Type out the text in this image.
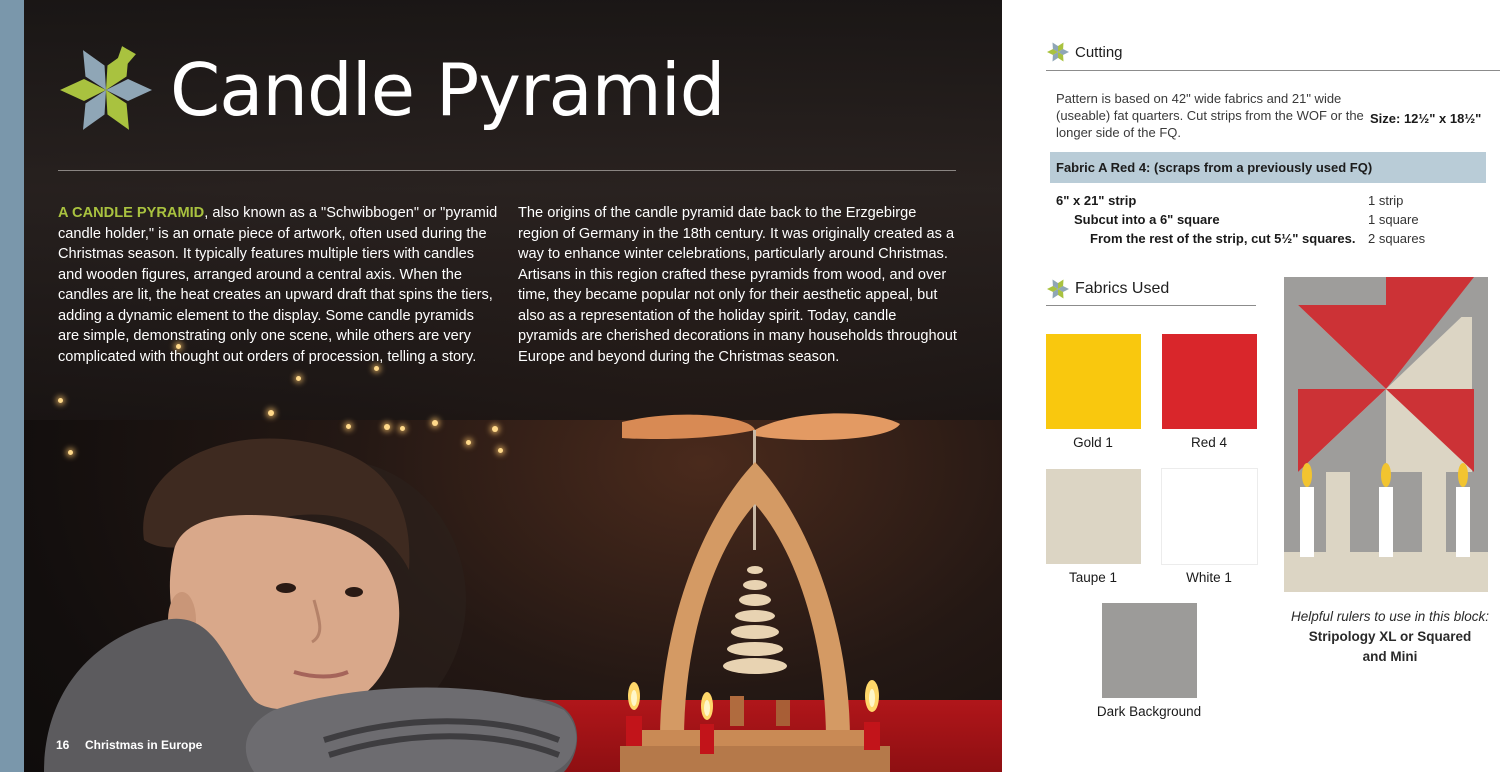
Candle Pyramid

A CANDLE PYRAMID, also known as a "Schwibbogen" or "pyramid candle holder," is an ornate piece of artwork, often used during the Christmas season. It typically features multiple tiers with candles and wooden figures, arranged around a central axis. When the candles are lit, the heat creates an upward draft that spins the tiers, adding a dynamic element to the display. Some candle pyramids are simple, demonstrating only one scene, while others are very complicated with thought out orders of procession, telling a story.

The origins of the candle pyramid date back to the Erzgebirge region of Germany in the 18th century. It was originally created as a way to enhance winter celebrations, particularly around Christmas. Artisans in this region crafted these pyramids from wood, and over time, they became popular not only for their aesthetic appeal, but also as a representation of the holiday spirit. Today, candle pyramids are cherished decorations in many households throughout Europe and beyond during the Christmas season.

16 Christmas in Europe
Cutting

Pattern is based on 42" wide fabrics and 21" wide (useable) fat quarters. Cut strips from the WOF or the longer side of the FQ.

Size: 12½" x 18½"
Fabric A Red 4: (scraps from a previously used FQ)
6" x 21" strip	1 strip
Subcut into a 6" square	1 square
From the rest of the strip, cut 5½" squares. 2 squares
Fabrics Used
Gold 1	Red 4
Taupe 1	White 1
Dark Background

Helpful rulers to use in this block:
Stripology XL or Squared
and Mini
